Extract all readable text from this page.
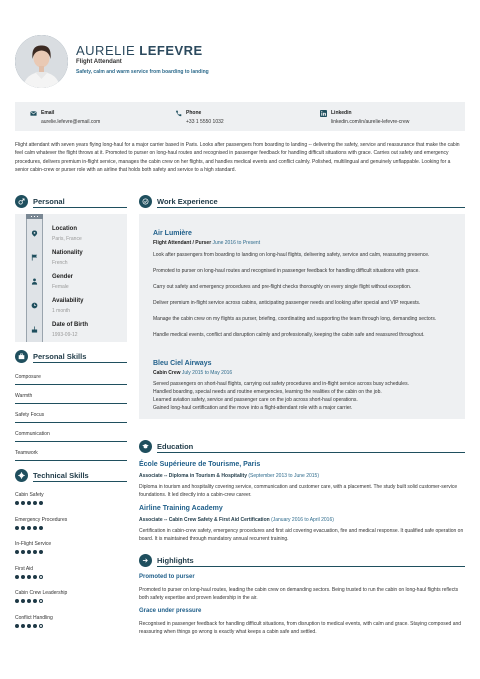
AURELIE LEFEVRE
Flight Attendant
Safety, calm and warm service from boarding to landing
Email
aurelie.lefevre@email.com
Phone
+33 1 5550 1032
Linkedin
linkedin.com/in/aurelie-lefevre-crew
Flight attendant with seven years flying long-haul for a major carrier based in Paris. Looks after passengers from boarding to landing -- delivering the safety, service and reassurance that make the cabin feel calm whatever the flight throws at it. Promoted to purser on long-haul routes and recognised in passenger feedback for handling difficult situations with grace. Carries out safety and emergency procedures, delivers premium in-flight service, manages the cabin crew on her flights, and handles medical events and conflict calmly. Polished, multilingual and genuinely unflappable. Looking for a senior cabin-crew or purser role with an airline that holds both safety and service to a high standard.
Personal
Location
Paris, France
Nationality
French
Gender
Female
Availability
1 month
Date of Birth
1993-09-12
Personal Skills
Composure
Warmth
Safety Focus
Communication
Teamwork
Technical Skills
Cabin Safety
Emergency Procedures
In-Flight Service
First Aid
Cabin Crew Leadership
Conflict Handling
Work Experience
Air Lumière
Flight Attendant / Purser June 2016 to Present
Look after passengers from boarding to landing on long-haul flights, delivering safety, service and calm, reassuring presence.
Promoted to purser on long-haul routes and recognised in passenger feedback for handling difficult situations with grace.
Carry out safety and emergency procedures and pre-flight checks thoroughly on every single flight without exception.
Deliver premium in-flight service across cabins, anticipating passenger needs and looking after special and VIP requests.
Manage the cabin crew on my flights as purser, briefing, coordinating and supporting the team through long, demanding sectors.
Handle medical events, conflict and disruption calmly and professionally, keeping the cabin safe and reassured throughout.
Bleu Ciel Airways
Cabin Crew July 2015 to May 2016
Served passengers on short-haul flights, carrying out safety procedures and in-flight service across busy schedules.
Handled boarding, special needs and routine emergencies, learning the realities of the cabin on the job.
Learned aviation safety, service and passenger care on the job across short-haul operations.
Gained long-haul certification and the move into a flight-attendant role with a major carrier.
Education
École Supérieure de Tourisme, Paris
Associate -- Diploma in Tourism & Hospitality (September 2013 to June 2015)
Diploma in tourism and hospitality covering service, communication and customer care, with a placement. The study built solid customer-service foundations. It led directly into a cabin-crew career.
Airline Training Academy
Associate -- Cabin Crew Safety & First Aid Certification (January 2016 to April 2016)
Certification in cabin-crew safety, emergency procedures and first aid covering evacuation, fire and medical response. It qualified safe operation on board. It is maintained through mandatory annual recurrent training.
Highlights
Promoted to purser
Promoted to purser on long-haul routes, leading the cabin crew on demanding sectors. Being trusted to run the cabin on long-haul flights reflects both safety expertise and proven leadership in the air.
Grace under pressure
Recognised in passenger feedback for handling difficult situations, from disruption to medical events, with calm and grace. Staying composed and reassuring when things go wrong is exactly what keeps a cabin safe and settled.
